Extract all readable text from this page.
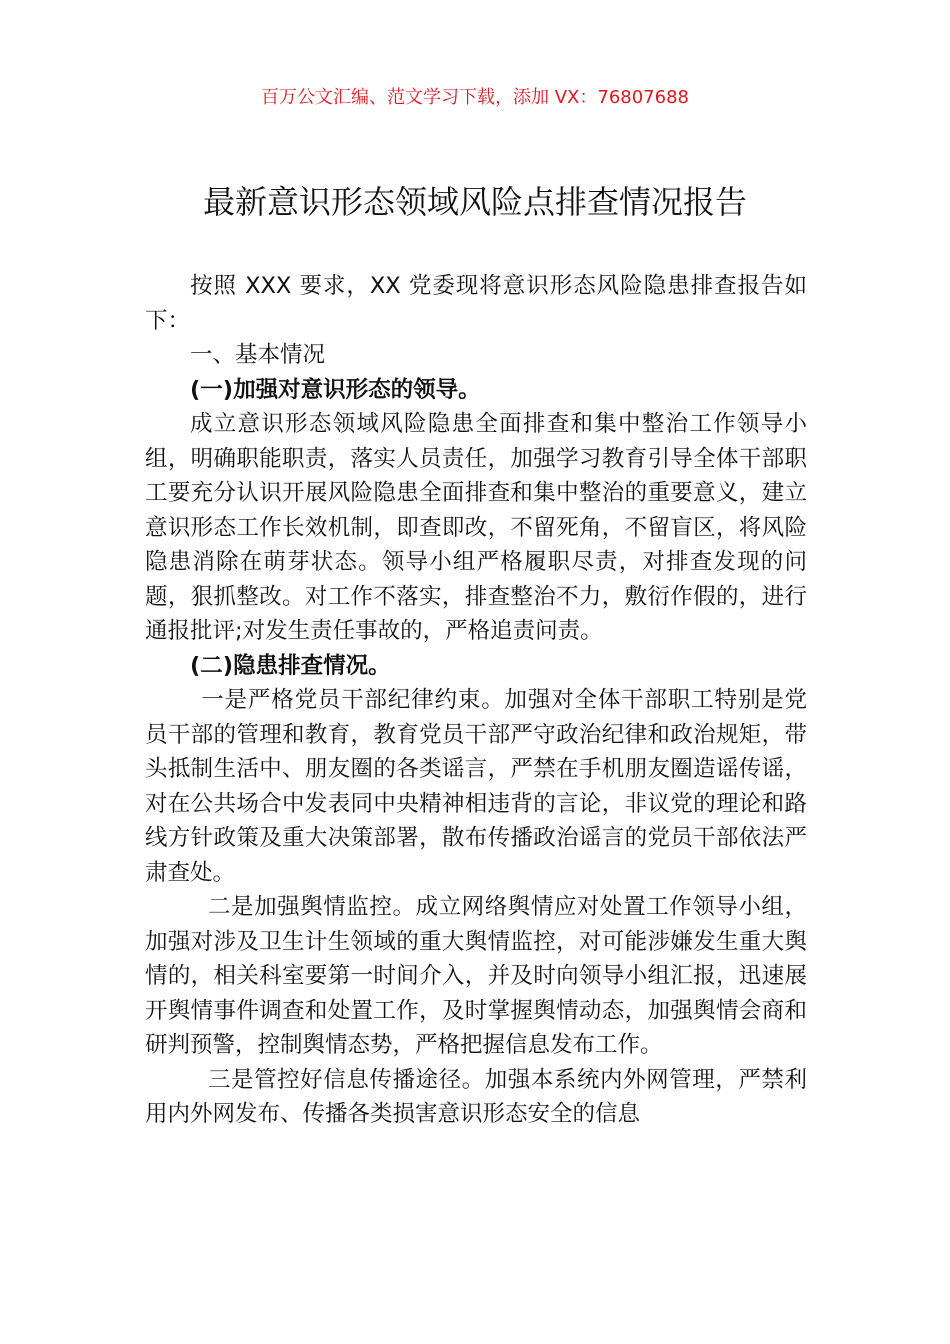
百万公文汇编、范文学习下载，添加 VX：76807688
最新意识形态领域风险点排查情况报告

按照 XXX 要求，XX 党委现将意识形态风险隐患排查报告如下：

一、基本情况

(一)加强对意识形态的领导。

成立意识形态领域风险隐患全面排查和集中整治工作领导小组，明确职能职责，落实人员责任，加强学习教育引导全体干部职工要充分认识开展风险隐患全面排查和集中整治的重要意义，建立意识形态工作长效机制，即查即改，不留死角，不留盲区，将风险隐患消除在萌芽状态。领导小组严格履职尽责，对排查发现的问题，狠抓整改。对工作不落实，排查整治不力，敷衍作假的，进行通报批评;对发生责任事故的，严格追责问责。

(二)隐患排查情况。

一是严格党员干部纪律约束。加强对全体干部职工特别是党员干部的管理和教育，教育党员干部严守政治纪律和政治规矩，带头抵制生活中、朋友圈的各类谣言，严禁在手机朋友圈造谣传谣，对在公共场合中发表同中央精神相违背的言论，非议党的理论和路线方针政策及重大决策部署，散布传播政治谣言的党员干部依法严肃查处。

二是加强舆情监控。成立网络舆情应对处置工作领导小组，加强对涉及卫生计生领域的重大舆情监控，对可能涉嫌发生重大舆情的，相关科室要第一时间介入，并及时向领导小组汇报，迅速展开舆情事件调查和处置工作，及时掌握舆情动态，加强舆情会商和研判预警，控制舆情态势，严格把握信息发布工作。

三是管控好信息传播途径。加强本系统内外网管理，严禁利用内外网发布、传播各类损害意识形态安全的信息
